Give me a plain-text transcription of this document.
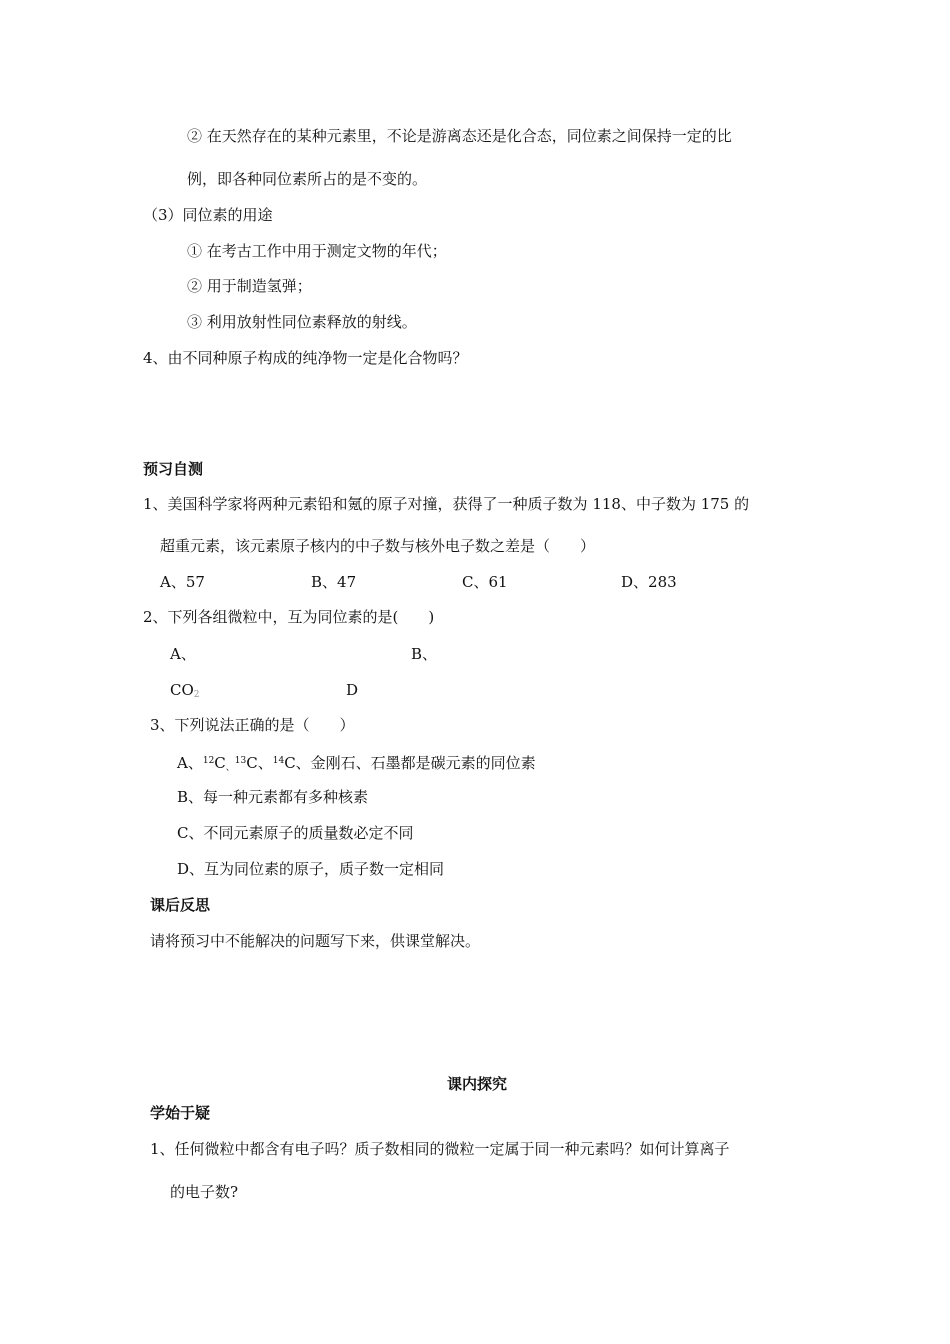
② 在天然存在的某种元素里，不论是游离态还是化合态，同位素之间保持一定的比
例，即各种同位素所占的是不变的。
（3）同位素的用途
① 在考古工作中用于测定文物的年代；
② 用于制造氢弹；
③ 利用放射性同位素释放的射线。
4、由不同种原子构成的纯净物一定是化合物吗？
预习自测
1、美国科学家将两种元素铅和氪的原子对撞，获得了一种质子数为 118、中子数为 175 的
超重元素，该元素原子核内的中子数与核外电子数之差是（　　）
A、57	B、47	C、61	D、283
2、下列各组微粒中，互为同位素的是(　　)
A、	B、
$CO_2$	D
3、下列说法正确的是（　　）
A、$^{12}C_、^{13}C$、$^{14}$C、金刚石、石墨都是碳元素的同位素
B、每一种元素都有多种核素
C、不同元素原子的质量数必定不同
D、互为同位素的原子，质子数一定相同
课后反思
请将预习中不能解决的问题写下来，供课堂解决。
课内探究
学始于疑
1、任何微粒中都含有电子吗？质子数相同的微粒一定属于同一种元素吗？如何计算离子
的电子数?
